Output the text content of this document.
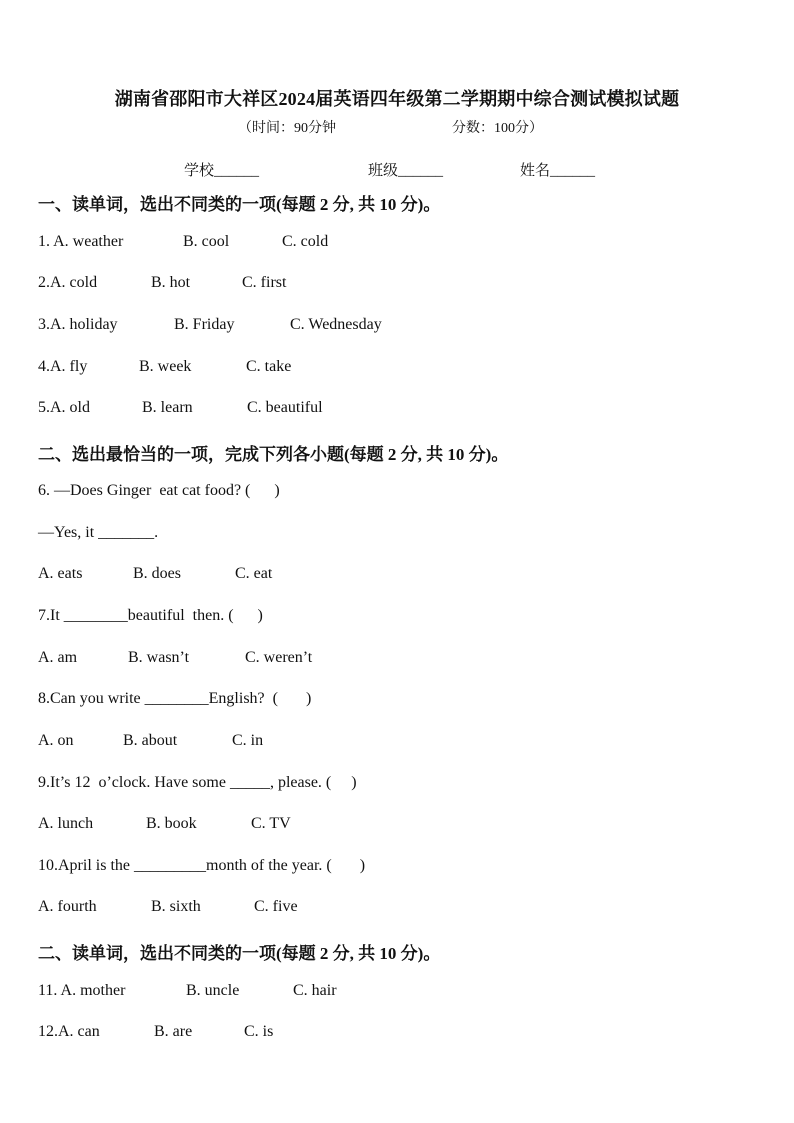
湖南省邵阳市大祥区2024届英语四年级第二学期期中综合测试模拟试题
（时间：90分钟	分数：100分）
学校______	班级______	姓名______
一、读单词，选出不同类的一项(每题 2 分, 共 10 分)。
1. A. weather	B. cool	C. cold
2.A. cold	B. hot	C. first
3.A. holiday	B. Friday	C. Wednesday
4.A. fly	B. week	C. take
5.A. old	B. learn	C. beautiful
二、选出最恰当的一项，完成下列各小题(每题 2 分, 共 10 分)。
6. —Does Ginger  eat cat food? (      )
—Yes, it _______.
A. eats	B. does	C. eat
7.It ________beautiful  then. (      )
A. am	B. wasn’t	C. weren’t
8.Can you write ________English?  (       )
A. on	B. about	C. in
9.It’s 12  o’clock. Have some _____, please. (     )
A. lunch	B. book	C. TV
10.April is the _________month of the year. (       )
A. fourth	B. sixth	C. five
二、读单词，选出不同类的一项(每题 2 分, 共 10 分)。
11. A. mother	B. uncle	C. hair
12.A. can	B. are	C. is
